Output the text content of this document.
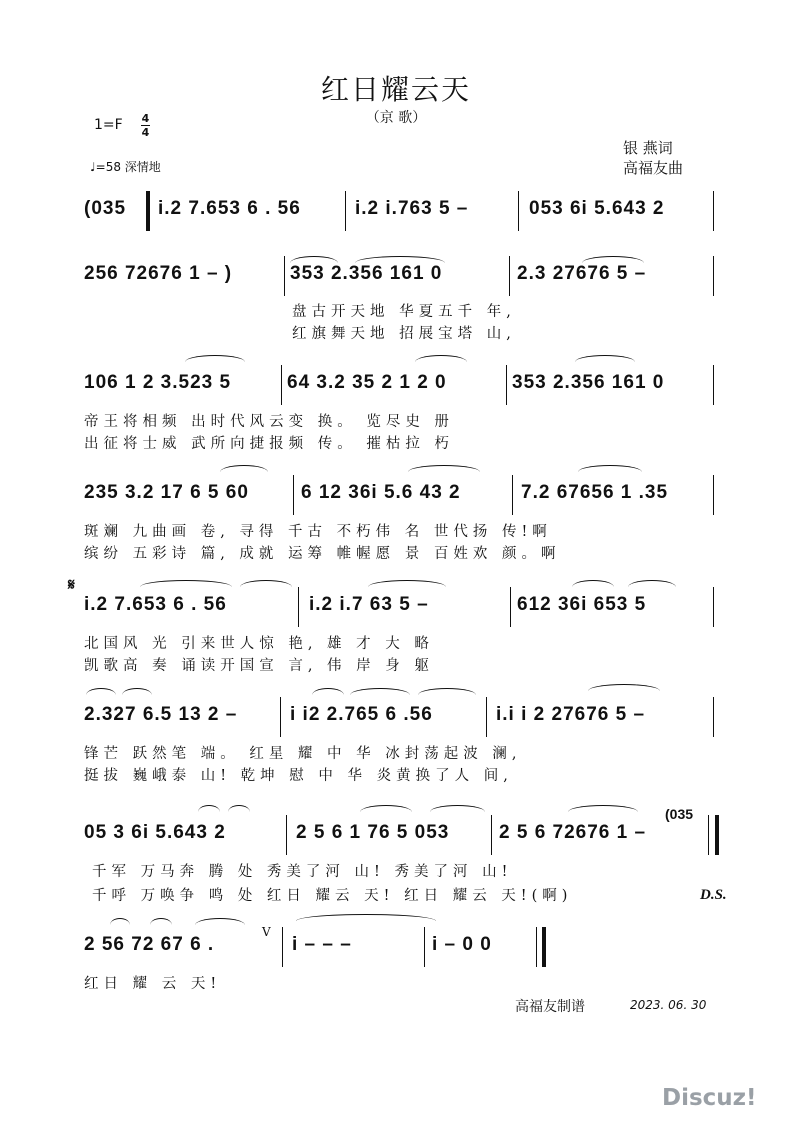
红日耀云天
（京 歌）
1=F 4
4
银 燕词
高福友曲
♩=58 深情地
(035 i.2 7.653 6 . 56	i.2 i.763 5 –	053 6i 5.643 2
256 72676 1 – )	353 2.356 161 0	2.3 27676 5 –
盘古开天地 华夏五千 年,
红旗舞天地 招展宝塔 山,
106 1 2 3.523 5	64 3.2 35 2 1 2 0	353 2.356 161 0
帝王将相频 出时代风云变 换。 览尽史 册
出征将士威 武所向捷报频 传。 摧枯拉 朽
235 3.2 17 6 5 60	6 12 36i 5.6 43 2	7.2 67656 1 .35
斑斓 九曲画 卷, 寻得 千古 不朽伟 名 世代扬 传!啊
缤纷 五彩诗 篇, 成就 运筹 帷幄愿 景 百姓欢 颜。啊
𝄋
i.2 7.653 6 . 56	i.2 i.7 63 5 –	612 36i 653 5
北国风 光 引来世人惊 艳, 雄 才 大 略
凯歌高 奏 诵读开国宣 言, 伟 岸 身 躯
2.327 6.5 13 2 –	i i2 2.765 6 .56	i.i i 2 27676 5 –
锋芒 跃然笔 端。 红星 耀 中 华 冰封荡起波 澜,
挺拔 巍峨泰 山! 乾坤 慰 中 华 炎黄换了人 间,
05 3 6i 5.643 2	2 5 6 1 76 5 053	2 5 6 72676 1 –
(035
千军 万马奔 腾 处 秀美了河 山! 秀美了河 山!
千呼 万唤争 鸣 处 红日 耀云 天! 红日 耀云 天!(啊)	D.S.
V
2 56 72 67 6 .	i – – –	i – 0 0
红日 耀 云 天!
高福友制谱	2023. 06. 30
Discuz!
